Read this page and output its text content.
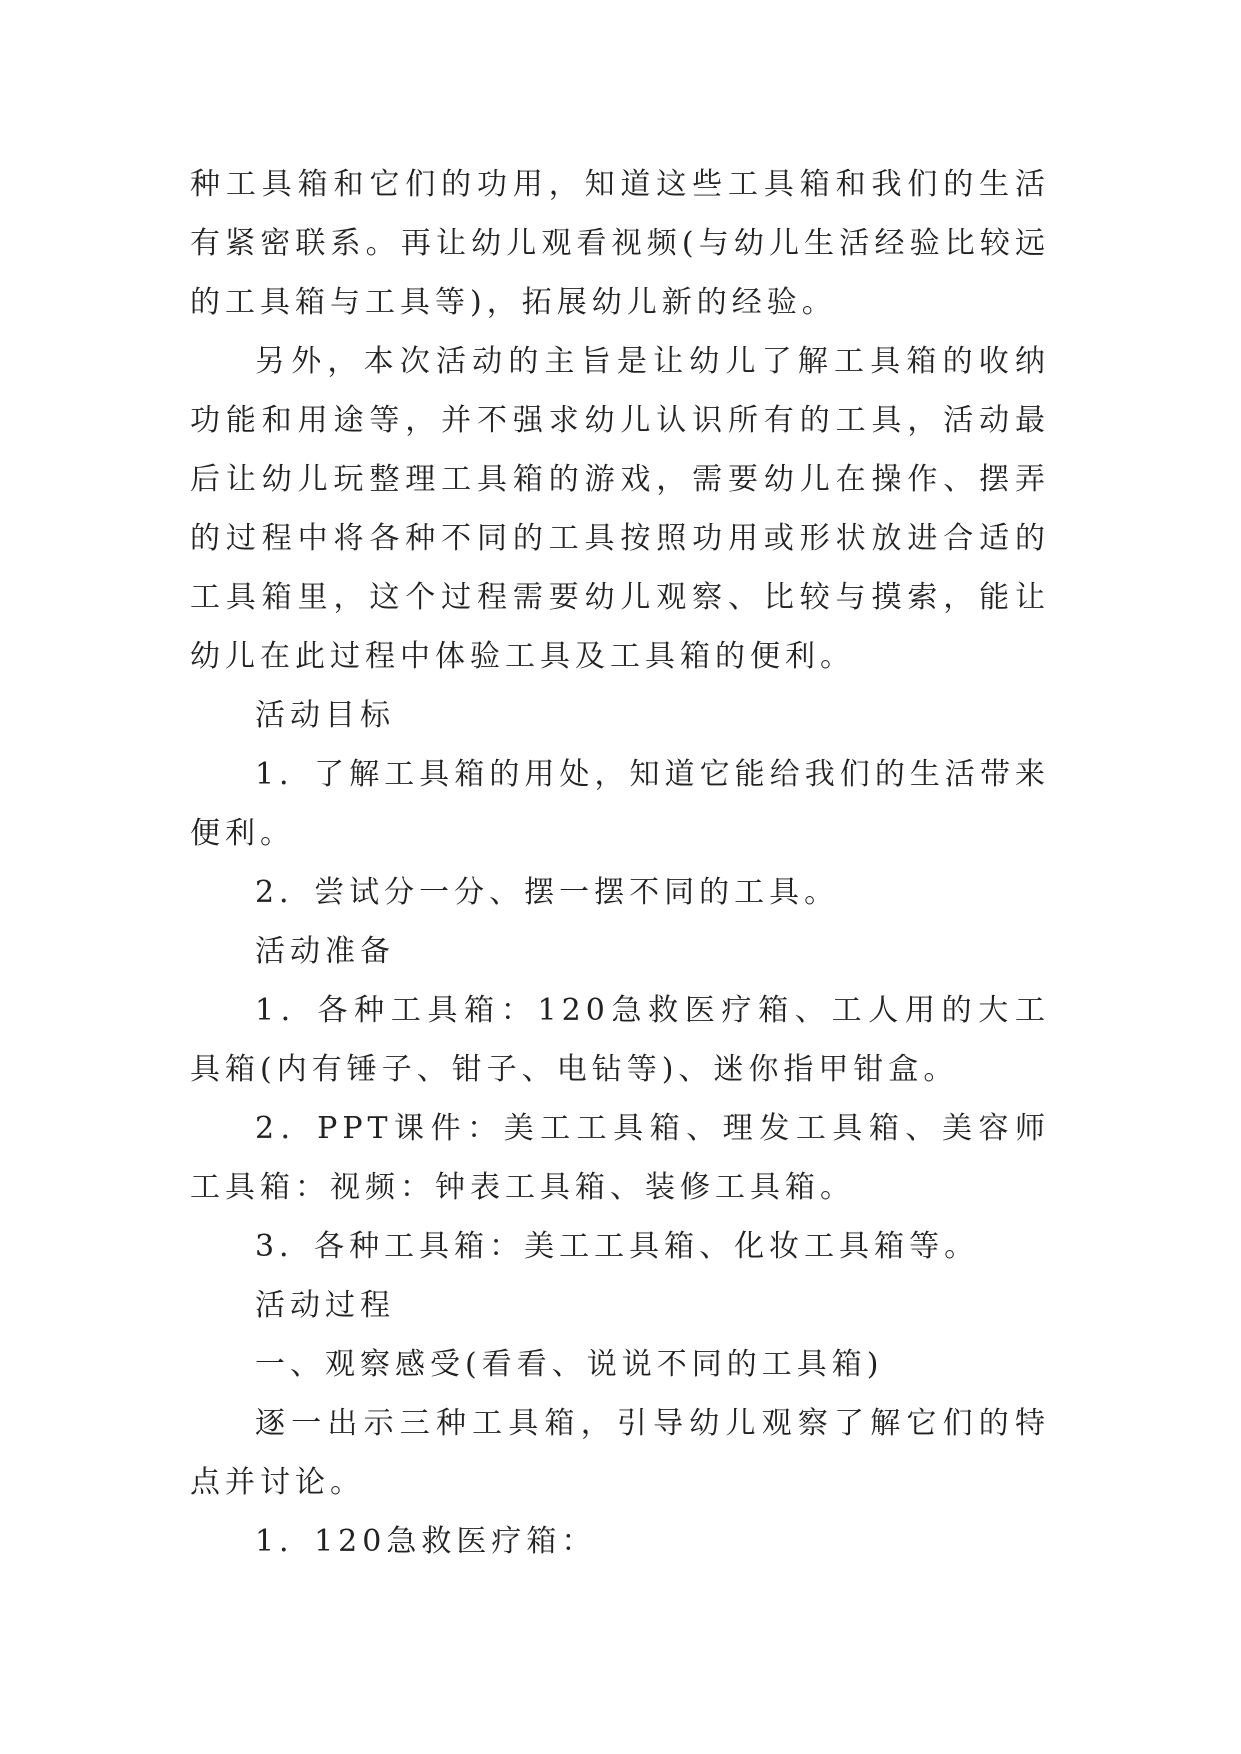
种工具箱和它们的功用，知道这些工具箱和我们的生活有紧密联系。再让幼儿观看视频(与幼儿生活经验比较远的工具箱与工具等)，拓展幼儿新的经验。

另外，本次活动的主旨是让幼儿了解工具箱的收纳功能和用途等，并不强求幼儿认识所有的工具，活动最后让幼儿玩整理工具箱的游戏，需要幼儿在操作、摆弄的过程中将各种不同的工具按照功用或形状放进合适的工具箱里，这个过程需要幼儿观察、比较与摸索，能让幼儿在此过程中体验工具及工具箱的便利。

活动目标

1．了解工具箱的用处，知道它能给我们的生活带来便利。

2．尝试分一分、摆一摆不同的工具。

活动准备

1．各种工具箱：120急救医疗箱、工人用的大工具箱(内有锤子、钳子、电钻等)、迷你指甲钳盒。

2．PPT课件：美工工具箱、理发工具箱、美容师工具箱：视频：钟表工具箱、装修工具箱。

3．各种工具箱：美工工具箱、化妆工具箱等。

活动过程

一、观察感受(看看、说说不同的工具箱)

逐一出示三种工具箱，引导幼儿观察了解它们的特点并讨论。

1．120急救医疗箱：
